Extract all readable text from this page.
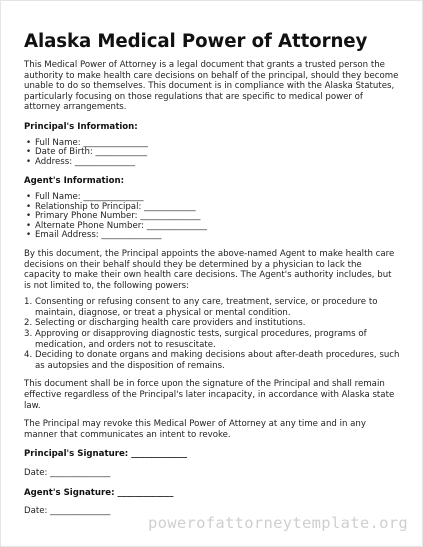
Alaska Medical Power of Attorney

This Medical Power of Attorney is a legal document that grants a trusted person the authority to make health care decisions on behalf of the principal, should they become unable to do so themselves. This document is in compliance with the Alaska Statutes, particularly focusing on those regulations that are specific to medical power of attorney arrangements.

Principal's Information:
• Full Name: _______________
• Date of Birth: ____________
• Address: ______________
Agent's Information:
• Full Name: ______________
• Relationship to Principal: ____________
• Primary Phone Number: ______________
• Alternate Phone Number: ______________
• Email Address: ______________

By this document, the Principal appoints the above-named Agent to make health care decisions on their behalf should they be determined by a physician to lack the capacity to make their own health care decisions. The Agent's authority includes, but is not limited to, the following powers:

1. Consenting or refusing consent to any care, treatment, service, or procedure to maintain, diagnose, or treat a physical or mental condition.
2. Selecting or discharging health care providers and institutions.
3. Approving or disapproving diagnostic tests, surgical procedures, programs of medication, and orders not to resuscitate.
4. Deciding to donate organs and making decisions about after-death procedures, such as autopsies and the disposition of remains.

This document shall be in force upon the signature of the Principal and shall remain effective regardless of the Principal's later incapacity, in accordance with Alaska state law.

The Principal may revoke this Medical Power of Attorney at any time and in any manner that communicates an intent to revoke.

Principal's Signature: _____________
Date: ______________
Agent's Signature: _____________
Date: ______________
powerofattorneytemplate.org
